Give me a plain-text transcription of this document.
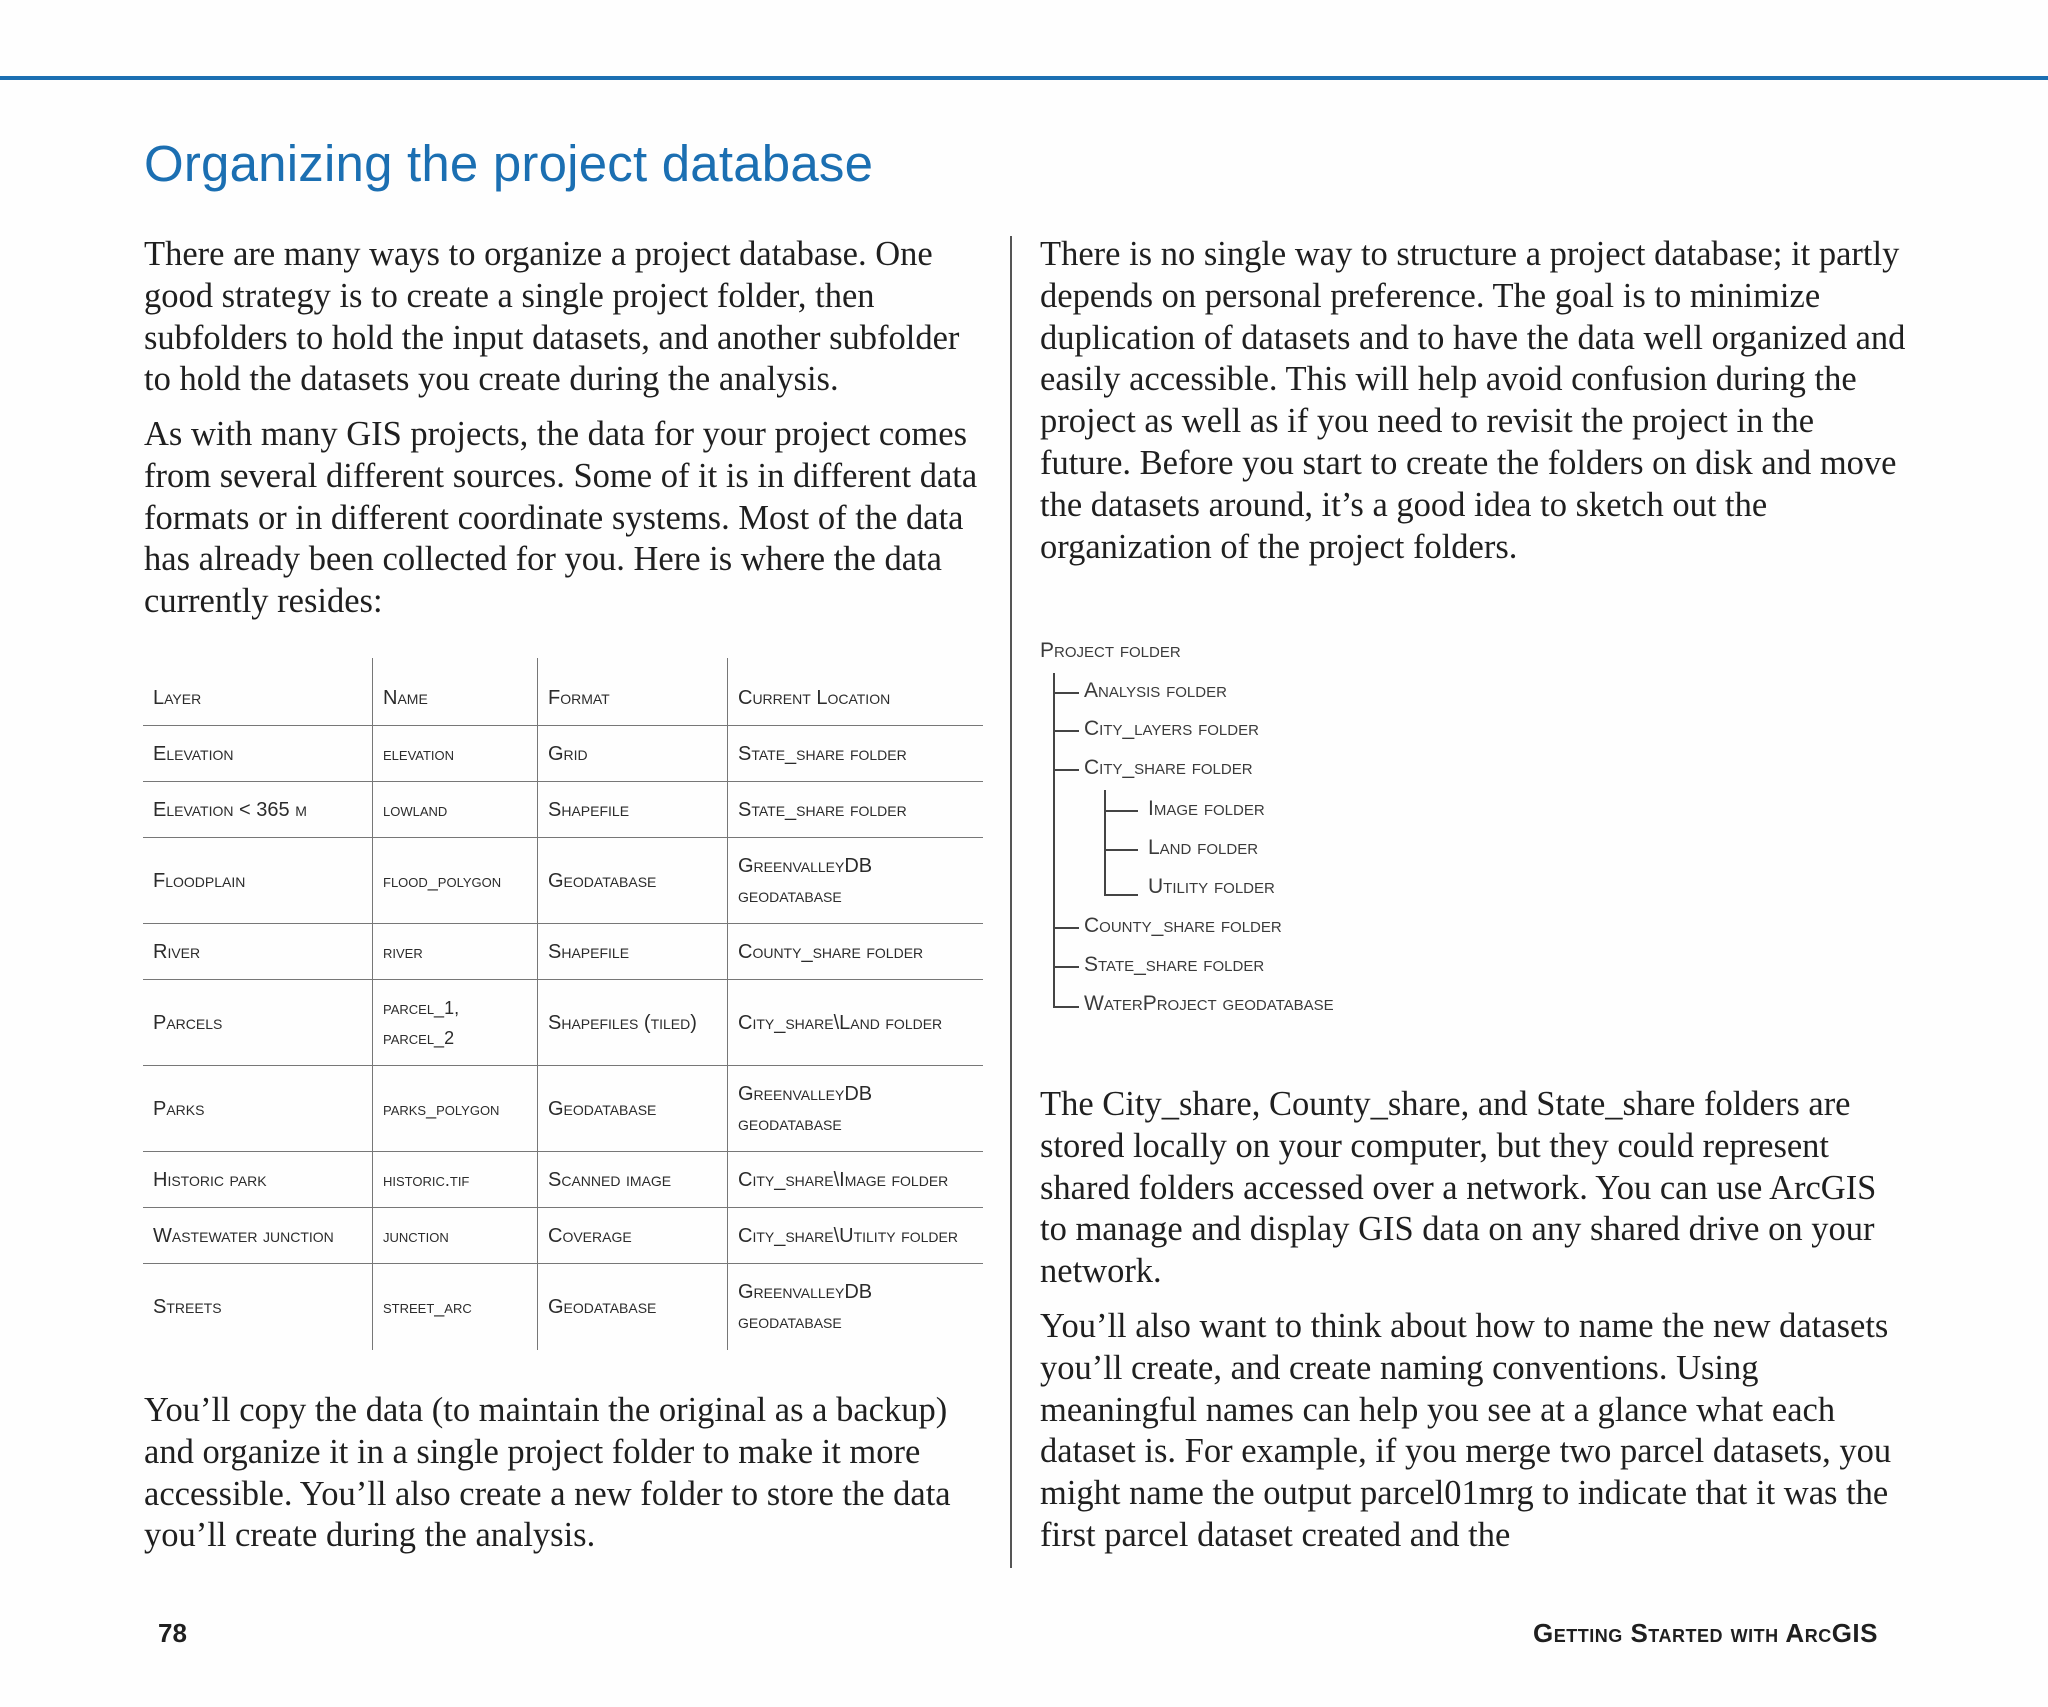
Organizing the project database

There are many ways to organize a project database. One good strategy is to create a single project folder, then subfolders to hold the input datasets, and another subfolder to hold the datasets you create during the analysis.

As with many GIS projects, the data for your project comes from several different sources. Some of it is in different data formats or in different coordinate systems. Most of the data has already been collected for you. Here is where the data currently resides:

Layer	Name	Format	Current Location
Elevation	elevation	Grid	State_share folder
Elevation < 365 m	lowland	Shapefile	State_share folder
Floodplain	flood_polygon	Geodatabase	GreenvalleyDB geodatabase
River	river	Shapefile	County_share folder
Parcels	parcel_1, parcel_2	Shapefiles (tiled)	City_share\Land folder
Parks	parks_polygon	Geodatabase	GreenvalleyDB geodatabase
Historic park	historic.tif	Scanned image	City_share\Image folder
Wastewater junction	junction	Coverage	City_share\Utility folder
Streets	street_arc	Geodatabase	GreenvalleyDB geodatabase

You’ll copy the data (to maintain the original as a backup) and organize it in a single project folder to make it more accessible. You’ll also create a new folder to store the data you’ll create during the analysis.

There is no single way to structure a project database; it partly depends on personal preference. The goal is to minimize duplication of datasets and to have the data well organized and easily accessible. This will help avoid confusion during the project as well as if you need to revisit the project in the future. Before you start to create the folders on disk and move the datasets around, it’s a good idea to sketch out the organization of the project folders.

Project folder
Analysis folder
City_layers folder
City_share folder
Image folder
Land folder
Utility folder
County_share folder
State_share folder
WaterProject geodatabase

The City_share, County_share, and State_share folders are stored locally on your computer, but they could represent shared folders accessed over a network. You can use ArcGIS to manage and display GIS data on any shared drive on your network.

You’ll also want to think about how to name the new datasets you’ll create, and create naming conventions. Using meaningful names can help you see at a glance what each dataset is. For example, if you merge two parcel datasets, you might name the output parcel01mrg to indicate that it was the first parcel dataset created and the

78	Getting Started with ArcGIS
